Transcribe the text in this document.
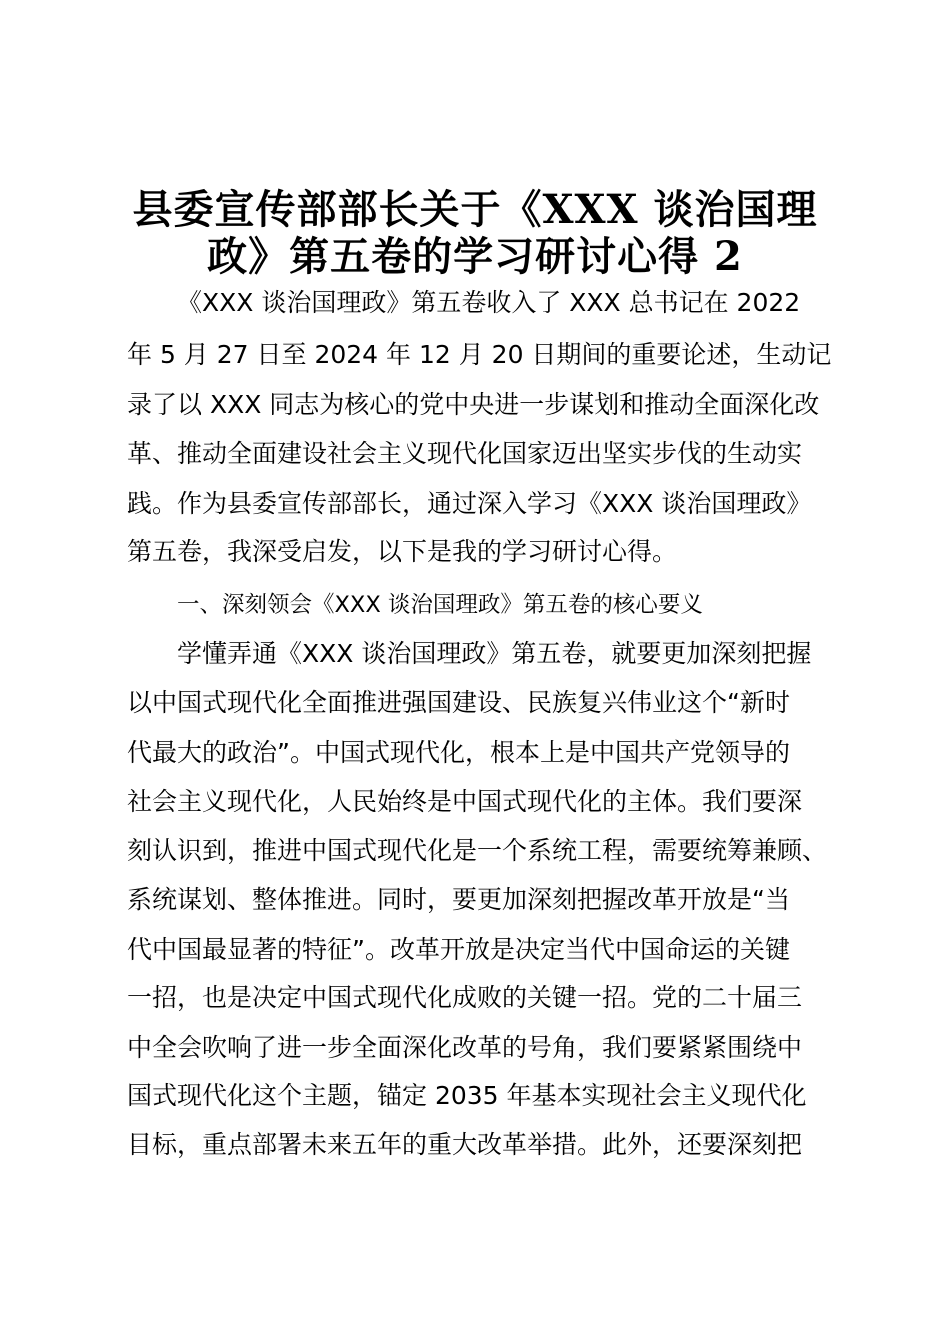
县委宣传部部长关于《XXX 谈治国理
政》第五卷的学习研讨心得 2
《XXX 谈治国理政》第五卷收入了 XXX 总书记在 2022
年 5 月 27 日至 2024 年 12 月 20 日期间的重要论述，生动记
录了以 XXX 同志为核心的党中央进一步谋划和推动全面深化改
革、推动全面建设社会主义现代化国家迈出坚实步伐的生动实
践。作为县委宣传部部长，通过深入学习《XXX 谈治国理政》
第五卷，我深受启发，以下是我的学习研讨心得。
一、深刻领会《XXX 谈治国理政》第五卷的核心要义
学懂弄通《XXX 谈治国理政》第五卷，就要更加深刻把握
以中国式现代化全面推进强国建设、民族复兴伟业这个“新时
代最大的政治”。中国式现代化，根本上是中国共产党领导的
社会主义现代化，人民始终是中国式现代化的主体。我们要深
刻认识到，推进中国式现代化是一个系统工程，需要统筹兼顾、
系统谋划、整体推进。同时，要更加深刻把握改革开放是“当
代中国最显著的特征”。改革开放是决定当代中国命运的关键
一招，也是决定中国式现代化成败的关键一招。党的二十届三
中全会吹响了进一步全面深化改革的号角，我们要紧紧围绕中
国式现代化这个主题，锚定 2035 年基本实现社会主义现代化
目标，重点部署未来五年的重大改革举措。此外，还要深刻把
